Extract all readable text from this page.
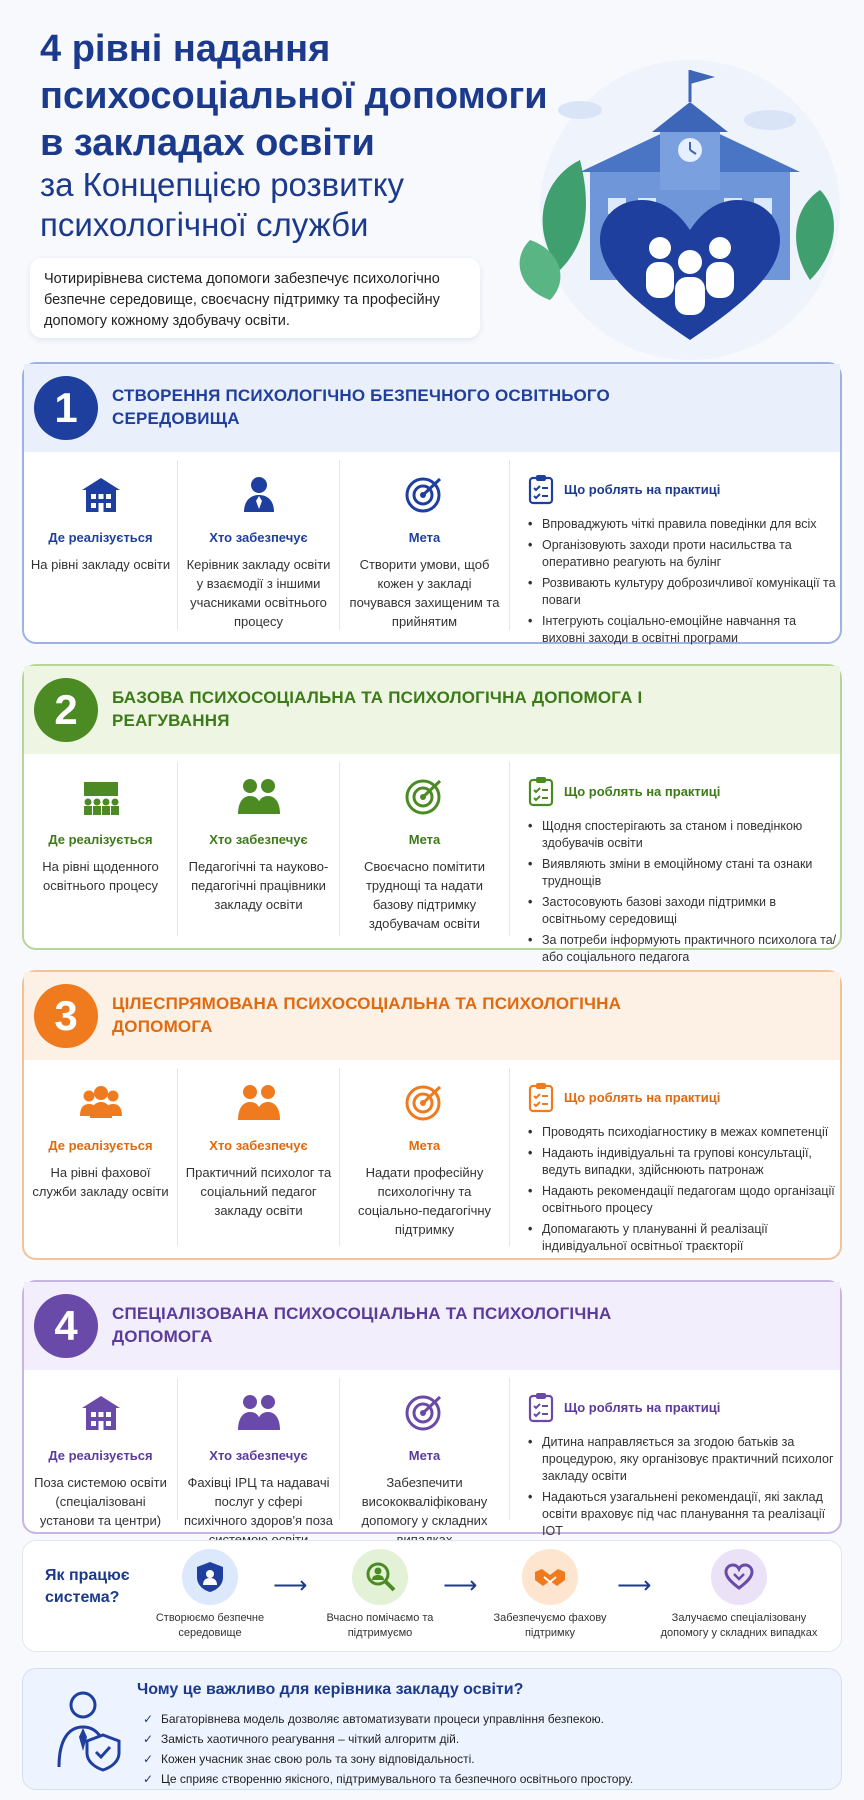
4 рівні надання психосоціальної допомоги в закладах освіти
за Концепцією розвитку психологічної служби

Чотирирівнева система допомоги забезпечує психологічно безпечне середовище, своєчасну підтримку та професійну допомогу кожному здобувачу освіти.

1	СТВОРЕННЯ ПСИХОЛОГІЧНО БЕЗПЕЧНОГО ОСВІТНЬОГО СЕРЕДОВИЩА
Де реалізується
На рівні закладу освіти
Хто забезпечує
Керівник закладу освіти у взаємодії з іншими учасниками освітнього процесу
Мета
Створити умови, щоб кожен у закладі почувався захищеним та прийнятим
Що роблять на практиці
• Впроваджують чіткі правила поведінки для всіх
• Організовують заходи проти насильства та оперативно реагують на булінг
• Розвивають культуру доброзичливої комунікації та поваги
• Інтегрують соціально-емоційне навчання та виховні заходи в освітні програми
2	БАЗОВА ПСИХОСОЦІАЛЬНА ТА ПСИХОЛОГІЧНА ДОПОМОГА І РЕАГУВАННЯ
Де реалізується
На рівні щоденного освітнього процесу
Хто забезпечує
Педагогічні та науково-педагогічні працівники закладу освіти
Мета
Своєчасно помітити труднощі та надати базову підтримку здобувачам освіти
Що роблять на практиці
• Щодня спостерігають за станом і поведінкою здобувачів освіти
• Виявляють зміни в емоційному стані та ознаки труднощів
• Застосовують базові заходи підтримки в освітньому середовищі
• За потреби інформують практичного психолога та/або соціального педагога
3	ЦІЛЕСПРЯМОВАНА ПСИХОСОЦІАЛЬНА ТА ПСИХОЛОГІЧНА ДОПОМОГА
Де реалізується
На рівні фахової служби закладу освіти
Хто забезпечує
Практичний психолог та соціальний педагог закладу освіти
Мета
Надати професійну психологічну та соціально-педагогічну підтримку
Що роблять на практиці
• Проводять психодіагностику в межах компетенції
• Надають індивідуальні та групові консультації, ведуть випадки, здійснюють патронаж
• Надають рекомендації педагогам щодо організації освітнього процесу
• Допомагають у плануванні й реалізації індивідуальної освітньої траєкторії
4	СПЕЦІАЛІЗОВАНА ПСИХОСОЦІАЛЬНА ТА ПСИХОЛОГІЧНА ДОПОМОГА
Де реалізується
Поза системою освіти (спеціалізовані установи та центри)
Хто забезпечує
Фахівці ІРЦ та надавачі послуг у сфері психічного здоров'я поза
Мета
Забезпечити висококваліфіковану допомогу у складних
Що роблять на практиці
• Дитина направляється за згодою батьків за процедурою, яку організовує практичний психолог закладу освіти
• Надаються узагальнені рекомендації, які заклад освіти враховує під час планування та реалізації ІОТ
Як працює система?
Створюємо безпечне середовище
⟶
Вчасно помічаємо та підтримуємо
⟶
Забезпечуємо фахову підтримку
⟶
Залучаємо спеціалізовану допомогу у складних випадках
Чому це важливо для керівника закладу освіти?
✓ Багаторівнева модель дозволяє автоматизувати процеси управління безпекою.
✓ Замість хаотичного реагування – чіткий алгоритм дій.
✓ Кожен учасник знає свою роль та зону відповідальності.
✓ Це сприяє створенню якісного, підтримувального та безпечного освітнього простору.
